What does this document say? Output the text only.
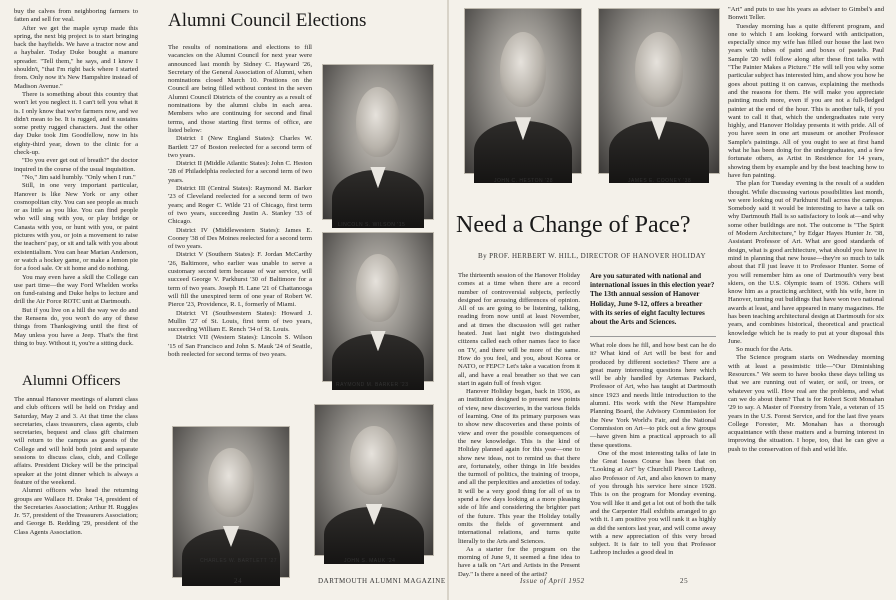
buy the calves from neighboring farmers to fatten and sell for veal.

After we get the maple syrup made this spring, the next big project is to start bringing back the hayfields. We have a tractor now and a haybaler. Today Duke bought a manure spreader. "Tell them," he says, and I know I shouldn't, "that I'm right back where I started from. Only now it's New Hampshire instead of Madison Avenue."

There is something about this country that won't let you neglect it. I can't tell you what it is. I only know that we're farmers now, and we didn't mean to be. It is rugged, and it sustains some pretty rugged characters. Just the other day Duke took Jim Goodfellow, now in his eighty-third year, down to the clinic for a check-up.

"Do you ever get out of breath?" the doctor inquired in the course of the usual inquisition.

"No," Jim said humbly. "Only when I run."

Still, in one very important particular, Hanover is like New York or any other cosmopolitan city. You can see people as much or as little as you like. You can find people who will sing with you, or play bridge or Canasta with you, or hunt with you, or paint pictures with you, or join a movement to raise the teachers' pay, or sit and talk with you about existentialism. You can hear Marian Anderson, or watch a hockey game, or make a lemon pie for a food sale. Or sit home and do nothing.

You may even have a skill the College can use part time—the way Ford Whelden works on fund-raising and Duke helps to lecture and drill the Air Force ROTC unit at Dartmouth.

But if you live on a hill the way we do and the Rensens do, you won't do any of these things from Thanksgiving until the first of May unless you have a Jeep. That's the first thing to buy. Without it, you're a sitting duck.

Alumni Officers

The annual Hanover meetings of alumni class and club officers will be held on Friday and Saturday, May 2 and 3. At that time the class secretaries, class treasurers, class agents, club secretaries, bequest and class gift chairmen will return to the campus as guests of the College and will hold both joint and separate sessions to discuss class, club, and College affairs. President Dickey will be the principal speaker at the joint dinner which is always a feature of the weekend.

Alumni officers who head the returning groups are Wallace H. Drake '14, president of the Secretaries Association; Arthur H. Ruggles Jr. '57, president of the Treasurers Association; and George B. Redding '29, president of the Class Agents Association.

Alumni Council Elections

The results of nominations and elections to fill vacancies on the Alumni Council for next year were announced last month by Sidney C. Hayward '26, Secretary of the General Association of Alumni, when nominations closed March 10. Positions on the Council are being filled without contest in the seven Alumni Council Districts of the country as a result of nominations by the alumni clubs in each area. Members who are continuing for second and final terms, and those starting first terms of office, are listed below:

District I (New England States): Charles W. Bartlett '27 of Boston reelected for a second term of two years.

District II (Middle Atlantic States): John C. Heston '28 of Philadelphia reelected for a second term of two years.

District III (Central States): Raymond M. Barker '23 of Cleveland reelected for a second term of two years; and Roger C. Wilde '21 of Chicago, first term of two years, succeeding Justin A. Stanley '33 of Chicago.

District IV (Middlewestern States): James E. Cooney '38 of Des Moines reelected for a second term of two years.

District V (Southern States): F. Jordan McCarthy '26, Baltimore, who earlier was unable to serve a customary second term because of war service, will succeed George V. Parkhurst '30 of Baltimore for a term of two years. Joseph H. Lane '21 of Chattanooga will fill the unexpired term of one year of Robert W. Pierce '23, Providence, R. I., formerly of Miami.

District VI (Southwestern States): Howard J. Mullin '27 of St. Louis, first term of two years, succeeding William E. Rench '34 of St. Louis.

District VII (Western States): Lincoln S. Wilson '15 of San Francisco and John S. Mauk '24 of Seattle, both reelected for second terms of two years.

LINCOLN S. WILSON '15
RAYMOND M. BARKER '23
CHARLES W. BARTLETT '27	JOHN S. MAUK '24
24	DARTMOUTH ALUMNI MAGAZINE
JOHN C. HESTON '28	JAMES E. COONEY '38
Need a Change of Pace?
By PROF. HERBERT W. HILL, DIRECTOR OF HANOVER HOLIDAY

The thirteenth session of the Hanover Holiday comes at a time when there are a record number of controversial subjects, perfectly designed for arousing differences of opinion. All of us are going to be listening, talking, reading from now until at least November, and at times the discussion will get rather heated. Just last night two distinguished citizens called each other names face to face on TV, and there will be more of the same. How do you feel, and you, about Korea or NATO, or FEPC? Let's take a vacation from it all, and have a real breather so that we can start in again full of fresh vigor.

Hanover Holiday began, back in 1936, as an institution designed to present new points of view, new discoveries, in the various fields of learning. One of its primary purposes was to show new discoveries and these points of view and over the possible consequences of the new knowledge. This is the kind of Holiday planned again for this year—one to show new ideas, not to remind us that there are, fortunately, other things in life besides the turmoil of politics, the training of troops, and all the perplexities and anxieties of today. It will be a very good thing for all of us to spend a few days looking at a more pleasing side of life and considering the brighter part of the future. This year the Holiday totally omits the fields of government and international relations, and turns quite literally to the Arts and Sciences.

As a starter for the program on the morning of June 9, it seemed a fine idea to have a talk on "Art and Artists in the Present Day." Is there a need of the artist?

Are you saturated with national and international issues in this election year? The 13th annual session of Hanover Holiday, June 9-12, offers a breather with its series of eight faculty lectures about the Arts and Sciences.

What role does he fill, and how best can he do it? What kind of Art will be best for and produced by different societies? There are a great many interesting questions here which will be ably handled by Artemas Packard, Professor of Art, who has taught at Dartmouth since 1923 and needs little introduction to the alumni. His work with the New Hampshire Planning Board, the Advisory Commission for the New York World's Fair, and the National Commission on Art—to pick out a few groups—have given him a practical approach to all these questions.

One of the most interesting talks of late in the Great Issues Course has been that on "Looking at Art" by Churchill Pierce Lathrop, also Professor of Art, and also known to many of you through his service here since 1928. This is on the program for Monday evening. You will like it and get a lot out of both the talk and the Carpenter Hall exhibits arranged to go with it. I am positive you will rank it as highly as did the seniors last year, and will come away with a new appreciation of this very broad subject. It is fair to tell you that Professor Lathrop includes a good deal in

"Art" and puts to use his years as adviser to Gimbel's and Bonwit Teller.

Tuesday morning has a quite different program, and one to which I am looking forward with anticipation, especially since my wife has filled our house the last two years with tubes of paint and boxes of pastels. Paul Sample '20 will follow along after these first talks with "The Painter Makes a Picture." He will tell you why some particular subject has interested him, and show you how he goes about putting it on canvas, explaining the methods and the reasons for them. He will make you appreciate painting much more, even if you are not a full-fledged painter at the end of the hour. This is another talk, if you want to call it that, which the undergraduates rate very highly, and Hanover Holiday presents it with pride. All of you have seen in one art museum or another Professor Sample's paintings. All of you ought to see at first hand what he has been doing for the undergraduates, and a few fortunate others, as Artist in Residence for 14 years, showing them by example and by the best teaching how to have fun painting.

The plan for Tuesday evening is the result of a sudden thought. While discussing various possibilities last month, we were looking out of Parkhurst Hall across the campus. Somebody said it would be interesting to have a talk on why Dartmouth Hall is so satisfactory to look at—and why some other buildings are not. The outcome is "The Spirit of Modern Architecture," by Edgar Hayes Hunter Jr. '38, Assistant Professor of Art. What are good standards of design, what is good architecture, what should you have in mind in planning that new house—they're so much to talk about that I'll just leave it to Professor Hunter. Some of you will remember him as one of Dartmouth's very best skiers, on the U.S. Olympic team of 1936. Others will know him as a practicing architect, with his wife, here in Hanover, turning out buildings that have won two national awards at least, and have appeared in many magazines. He has been teaching architectural design at Dartmouth for six years, and combines historical, theoretical and practical knowledge which he is ready to put at your disposal this June.

So much for the Arts.

The Science program starts on Wednesday morning with at least a pessimistic title—"Our Diminishing Resources." We seem to have books these days telling us that we are running out of water, or soil, or trees, or whatever you will. How real are the problems, and what can we do about them? That is for Robert Scott Monahan '29 to say. A Master of Forestry from Yale, a veteran of 15 years in the U.S. Forest Service, and for the last five years College Forester, Mr. Monahan has a thorough acquaintance with these matters and a burning interest in improving the situation. I hope, too, that he can give a push to the conservation of fish and wild life.

Issue of April 1952	25
